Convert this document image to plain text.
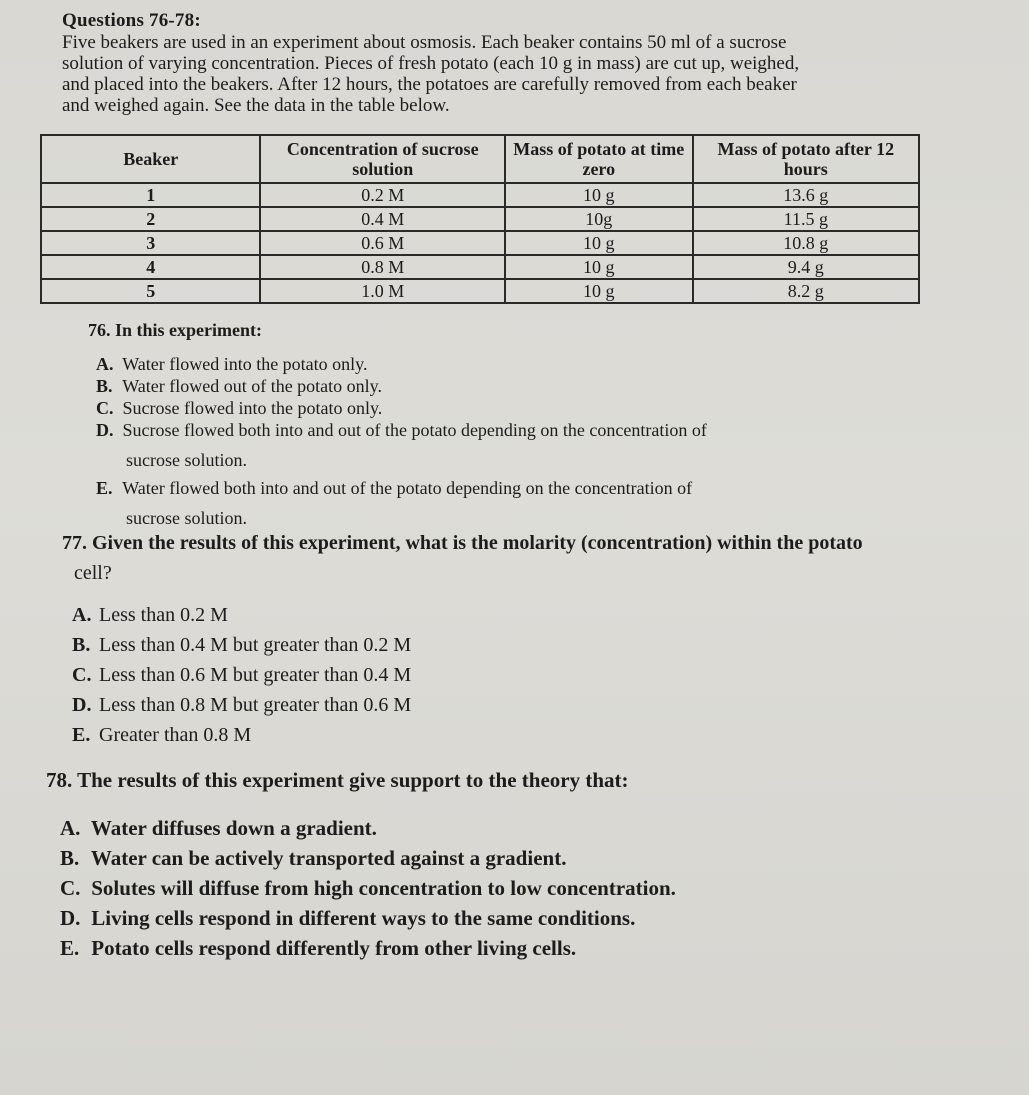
Questions 76-78:
Five beakers are used in an experiment about osmosis. Each beaker contains 50 ml of a sucrose
solution of varying concentration. Pieces of fresh potato (each 10 g in mass) are cut up, weighed,
and placed into the beakers. After 12 hours, the potatoes are carefully removed from each beaker
and weighed again. See the data in the table below.
Beaker	Concentration of sucrose solution	Mass of potato at time zero	Mass of potato after 12 hours
1	0.2 M	10 g	13.6 g
2	0.4 M	10g	11.5 g
3	0.6 M	10 g	10.8 g
4	0.8 M	10 g	9.4 g
5	1.0 M	10 g	8.2 g
76. In this experiment:
A. Water flowed into the potato only.
B. Water flowed out of the potato only.
C. Sucrose flowed into the potato only.
D. Sucrose flowed both into and out of the potato depending on the concentration of
sucrose solution.
E. Water flowed both into and out of the potato depending on the concentration of
sucrose solution.
77. Given the results of this experiment, what is the molarity (concentration) within the potato
cell?
A. Less than 0.2 M
B. Less than 0.4 M but greater than 0.2 M
C. Less than 0.6 M but greater than 0.4 M
D. Less than 0.8 M but greater than 0.6 M
E. Greater than 0.8 M
78. The results of this experiment give support to the theory that:
A. Water diffuses down a gradient.
B. Water can be actively transported against a gradient.
C. Solutes will diffuse from high concentration to low concentration.
D. Living cells respond in different ways to the same conditions.
E. Potato cells respond differently from other living cells.
